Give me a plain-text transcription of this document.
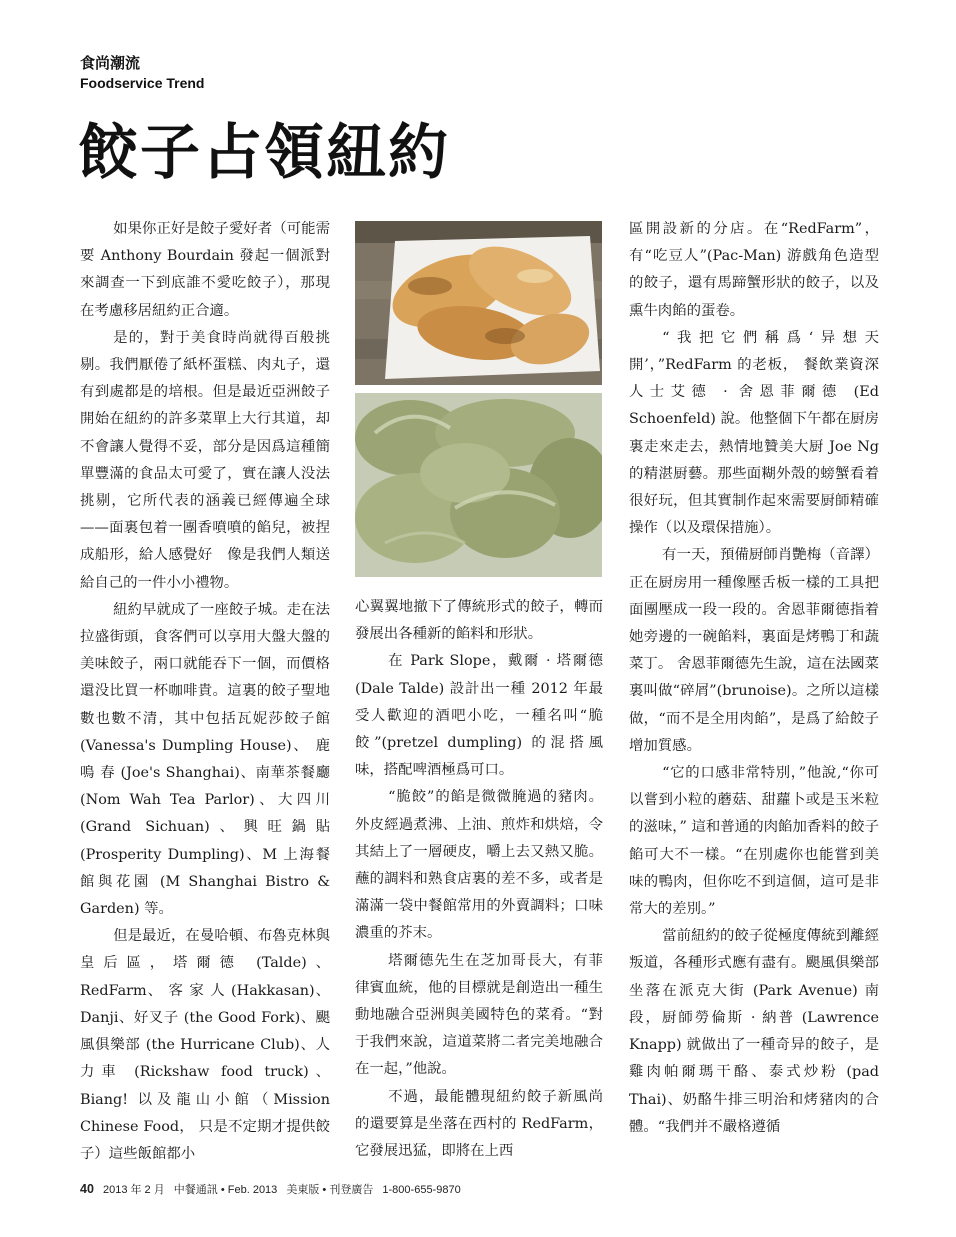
食尚潮流
Foodservice Trend
餃子占領紐約

如果你正好是餃子愛好者（可能需要 Anthony Bourdain 發起一個派對來調查一下到底誰不愛吃餃子），那現在考慮移居紐約正合適。

是的，對于美食時尚就得百般挑剔。我們厭倦了紙杯蛋糕、肉丸子，還有到處都是的培根。但是最近亞洲餃子開始在紐約的許多菜單上大行其道，却不會讓人覺得不妥，部分是因爲這種簡單豐滿的食品太可愛了，實在讓人没法挑剔，它所代表的涵義已經傳遍全球——面裏包着一團香噴噴的餡兒，被捏成船形，給人感覺好　像是我們人類送給自己的一件小小禮物。

紐約早就成了一座餃子城。走在法拉盛街頭，食客們可以享用大盤大盤的美味餃子，兩口就能吞下一個，而價格還没比買一杯咖啡貴。這裏的餃子聖地數也數不清，其中包括瓦妮莎餃子館 (Vanessa's Dumpling House)、 鹿 鳴 春 (Joe's Shanghai)、南華茶餐廳 (Nom Wah Tea Parlor)、大四川 (Grand Sichuan)、興旺鍋貼 (Prosperity Dumpling)、M 上海餐館與花園 (M Shanghai Bistro & Garden) 等。

但是最近，在曼哈頓、布魯克林與皇后區，塔爾德 (Talde)、RedFarm、 客 家 人 (Hakkasan)、Danji、好叉子 (the Good Fork)、颶風俱樂部 (the Hurricane Club)、人力車 (Rickshaw food truck)、Biang! 以及龍山小館（Mission Chinese Food， 只是不定期才提供餃子）這些飯館都小

心翼翼地撤下了傳統形式的餃子，轉而發展出各種新的餡料和形狀。

在 Park Slope，戴爾 · 塔爾德 (Dale Talde) 設計出一種 2012 年最受人歡迎的酒吧小吃，一種名叫“脆餃”(pretzel dumpling) 的混搭風味，搭配啤酒極爲可口。

“脆餃”的餡是微微腌過的豬肉。外皮經過煮沸、上油、煎炸和烘焙，令其結上了一層硬皮，嚼上去又熱又脆。蘸的調料和熟食店裏的差不多，或者是滿滿一袋中餐館常用的外賣調料；口味濃重的芥末。

塔爾德先生在芝加哥長大，有菲律賓血統，他的目標就是創造出一種生動地融合亞洲與美國特色的菜肴。“對于我們來說，這道菜將二者完美地融合在一起，”他說。

不過，最能體現紐約餃子新風尚的還要算是坐落在西村的 RedFarm，它發展迅猛，即將在上西

區開設新的分店。在“RedFarm”，有“吃豆人”(Pac-Man) 游戲角色造型的餃子，還有馬蹄蟹形狀的餃子，以及熏牛肉餡的蛋卷。

“我把它們稱爲‘异想天開’，”RedFarm 的老板， 餐飲業資深人士艾德 · 舍恩菲爾德 (Ed Schoenfeld) 說。他整個下午都在厨房裏走來走去，熱情地贊美大厨 Joe Ng 的精湛厨藝。那些面糊外殼的螃蟹看着很好玩，但其實制作起來需要厨師精確操作（以及環保措施）。

有一天，預備厨師肖艷梅（音譯）正在厨房用一種像壓舌板一樣的工具把面團壓成一段一段的。舍恩菲爾德指着她旁邊的一碗餡料，裏面是烤鴨丁和蔬菜丁。 舍恩菲爾德先生說，這在法國菜裏叫做“碎屑”(brunoise)。之所以這樣做，“而不是全用肉餡”，是爲了給餃子增加質感。

“它的口感非常特別，”他說,“你可以嘗到小粒的蘑菇、甜蘿卜或是玉米粒的滋味，” 這和普通的肉餡加香料的餃子餡可大不一樣。“在別處你也能嘗到美味的鴨肉，但你吃不到這個，這可是非常大的差別。”

當前紐約的餃子從極度傳統到離經叛道，各種形式應有盡有。颶風俱樂部坐落在派克大街 (Park Avenue) 南段，厨師勞倫斯 · 納普 (Lawrence Knapp) 就做出了一種奇异的餃子，是雞肉帕爾瑪干酪、泰式炒粉 (pad Thai)、奶酪牛排三明治和烤豬肉的合體。“我們并不嚴格遵循

40 2013 年 2 月 中餐通訊 • Feb. 2013 美東版 • 刊登廣告 1-800-655-9870
